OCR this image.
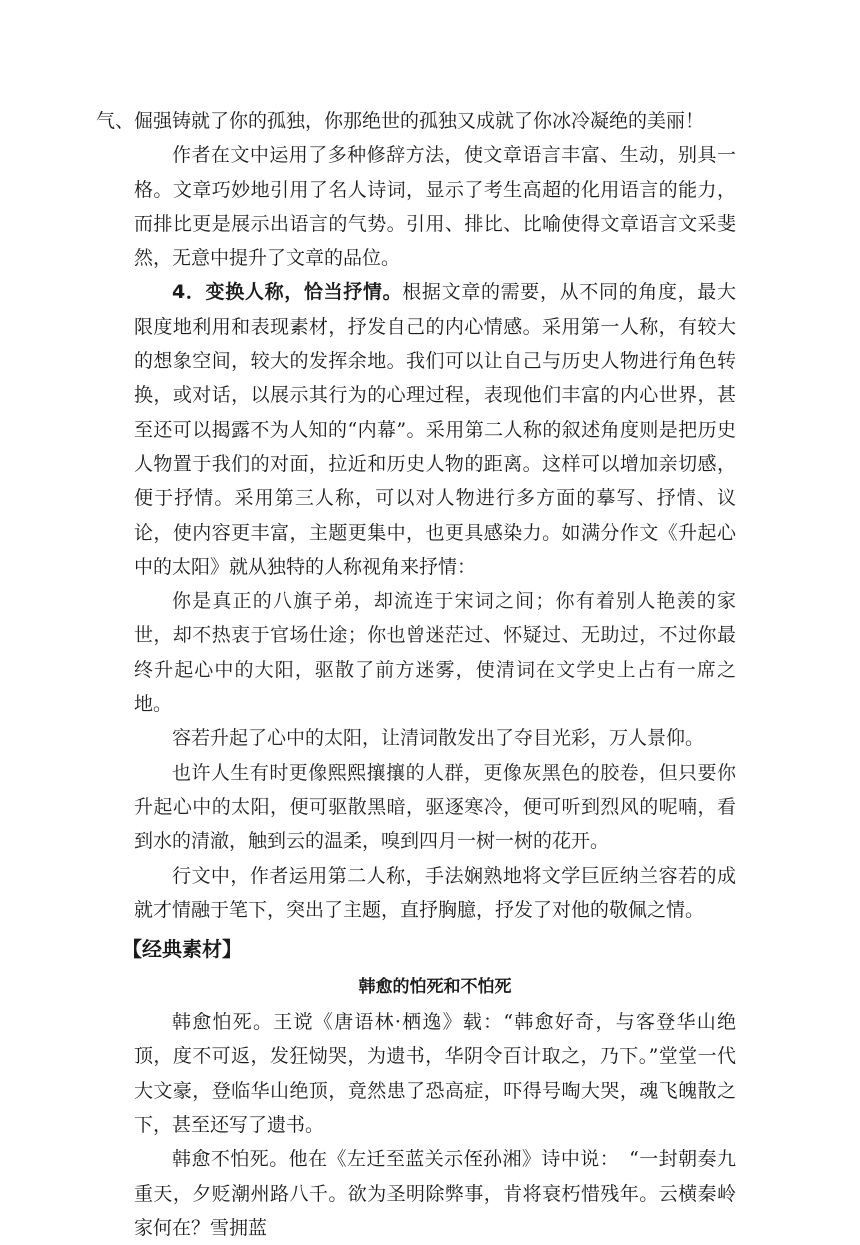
气、倔强铸就了你的孤独，你那绝世的孤独又成就了你冰冷凝绝的美丽！

作者在文中运用了多种修辞方法，使文章语言丰富、生动，别具一格。文章巧妙地引用了名人诗词，显示了考生高超的化用语言的能力，而排比更是展示出语言的气势。引用、排比、比喻使得文章语言文采斐然，无意中提升了文章的品位。

4．变换人称，恰当抒情。根据文章的需要，从不同的角度，最大限度地利用和表现素材，抒发自己的内心情感。采用第一人称，有较大的想象空间，较大的发挥余地。我们可以让自己与历史人物进行角色转换，或对话，以展示其行为的心理过程，表现他们丰富的内心世界，甚至还可以揭露不为人知的“内幕”。采用第二人称的叙述角度则是把历史人物置于我们的对面，拉近和历史人物的距离。这样可以增加亲切感，便于抒情。采用第三人称，可以对人物进行多方面的摹写、抒情、议论，使内容更丰富，主题更集中，也更具感染力。如满分作文《升起心中的太阳》就从独特的人称视角来抒情：

你是真正的八旗子弟，却流连于宋词之间；你有着别人艳羡的家世，却不热衷于官场仕途；你也曾迷茫过、怀疑过、无助过，不过你最终升起心中的大阳，驱散了前方迷雾，使清词在文学史上占有一席之地。

容若升起了心中的太阳，让清词散发出了夺目光彩，万人景仰。

也许人生有时更像熙熙攘攘的人群，更像灰黑色的胶卷，但只要你升起心中的太阳，便可驱散黑暗，驱逐寒冷，便可听到烈风的呢喃，看到水的清澈，触到云的温柔，嗅到四月一树一树的花开。

行文中，作者运用第二人称，手法娴熟地将文学巨匠纳兰容若的成就才情融于笔下，突出了主题，直抒胸臆，抒发了对他的敬佩之情。

【经典素材】
韩愈的怕死和不怕死

韩愈怕死。王谠《唐语林·栖逸》载：“韩愈好奇，与客登华山绝顶，度不可返，发狂恸哭，为遗书，华阴令百计取之，乃下。”堂堂一代大文豪，登临华山绝顶，竟然患了恐高症，吓得号啕大哭，魂飞魄散之下，甚至还写了遗书。

韩愈不怕死。他在《左迁至蓝关示侄孙湘》诗中说：　“一封朝奏九重天，夕贬潮州路八千。欲为圣明除弊事，肯将衰朽惜残年。云横秦岭家何在？雪拥蓝
